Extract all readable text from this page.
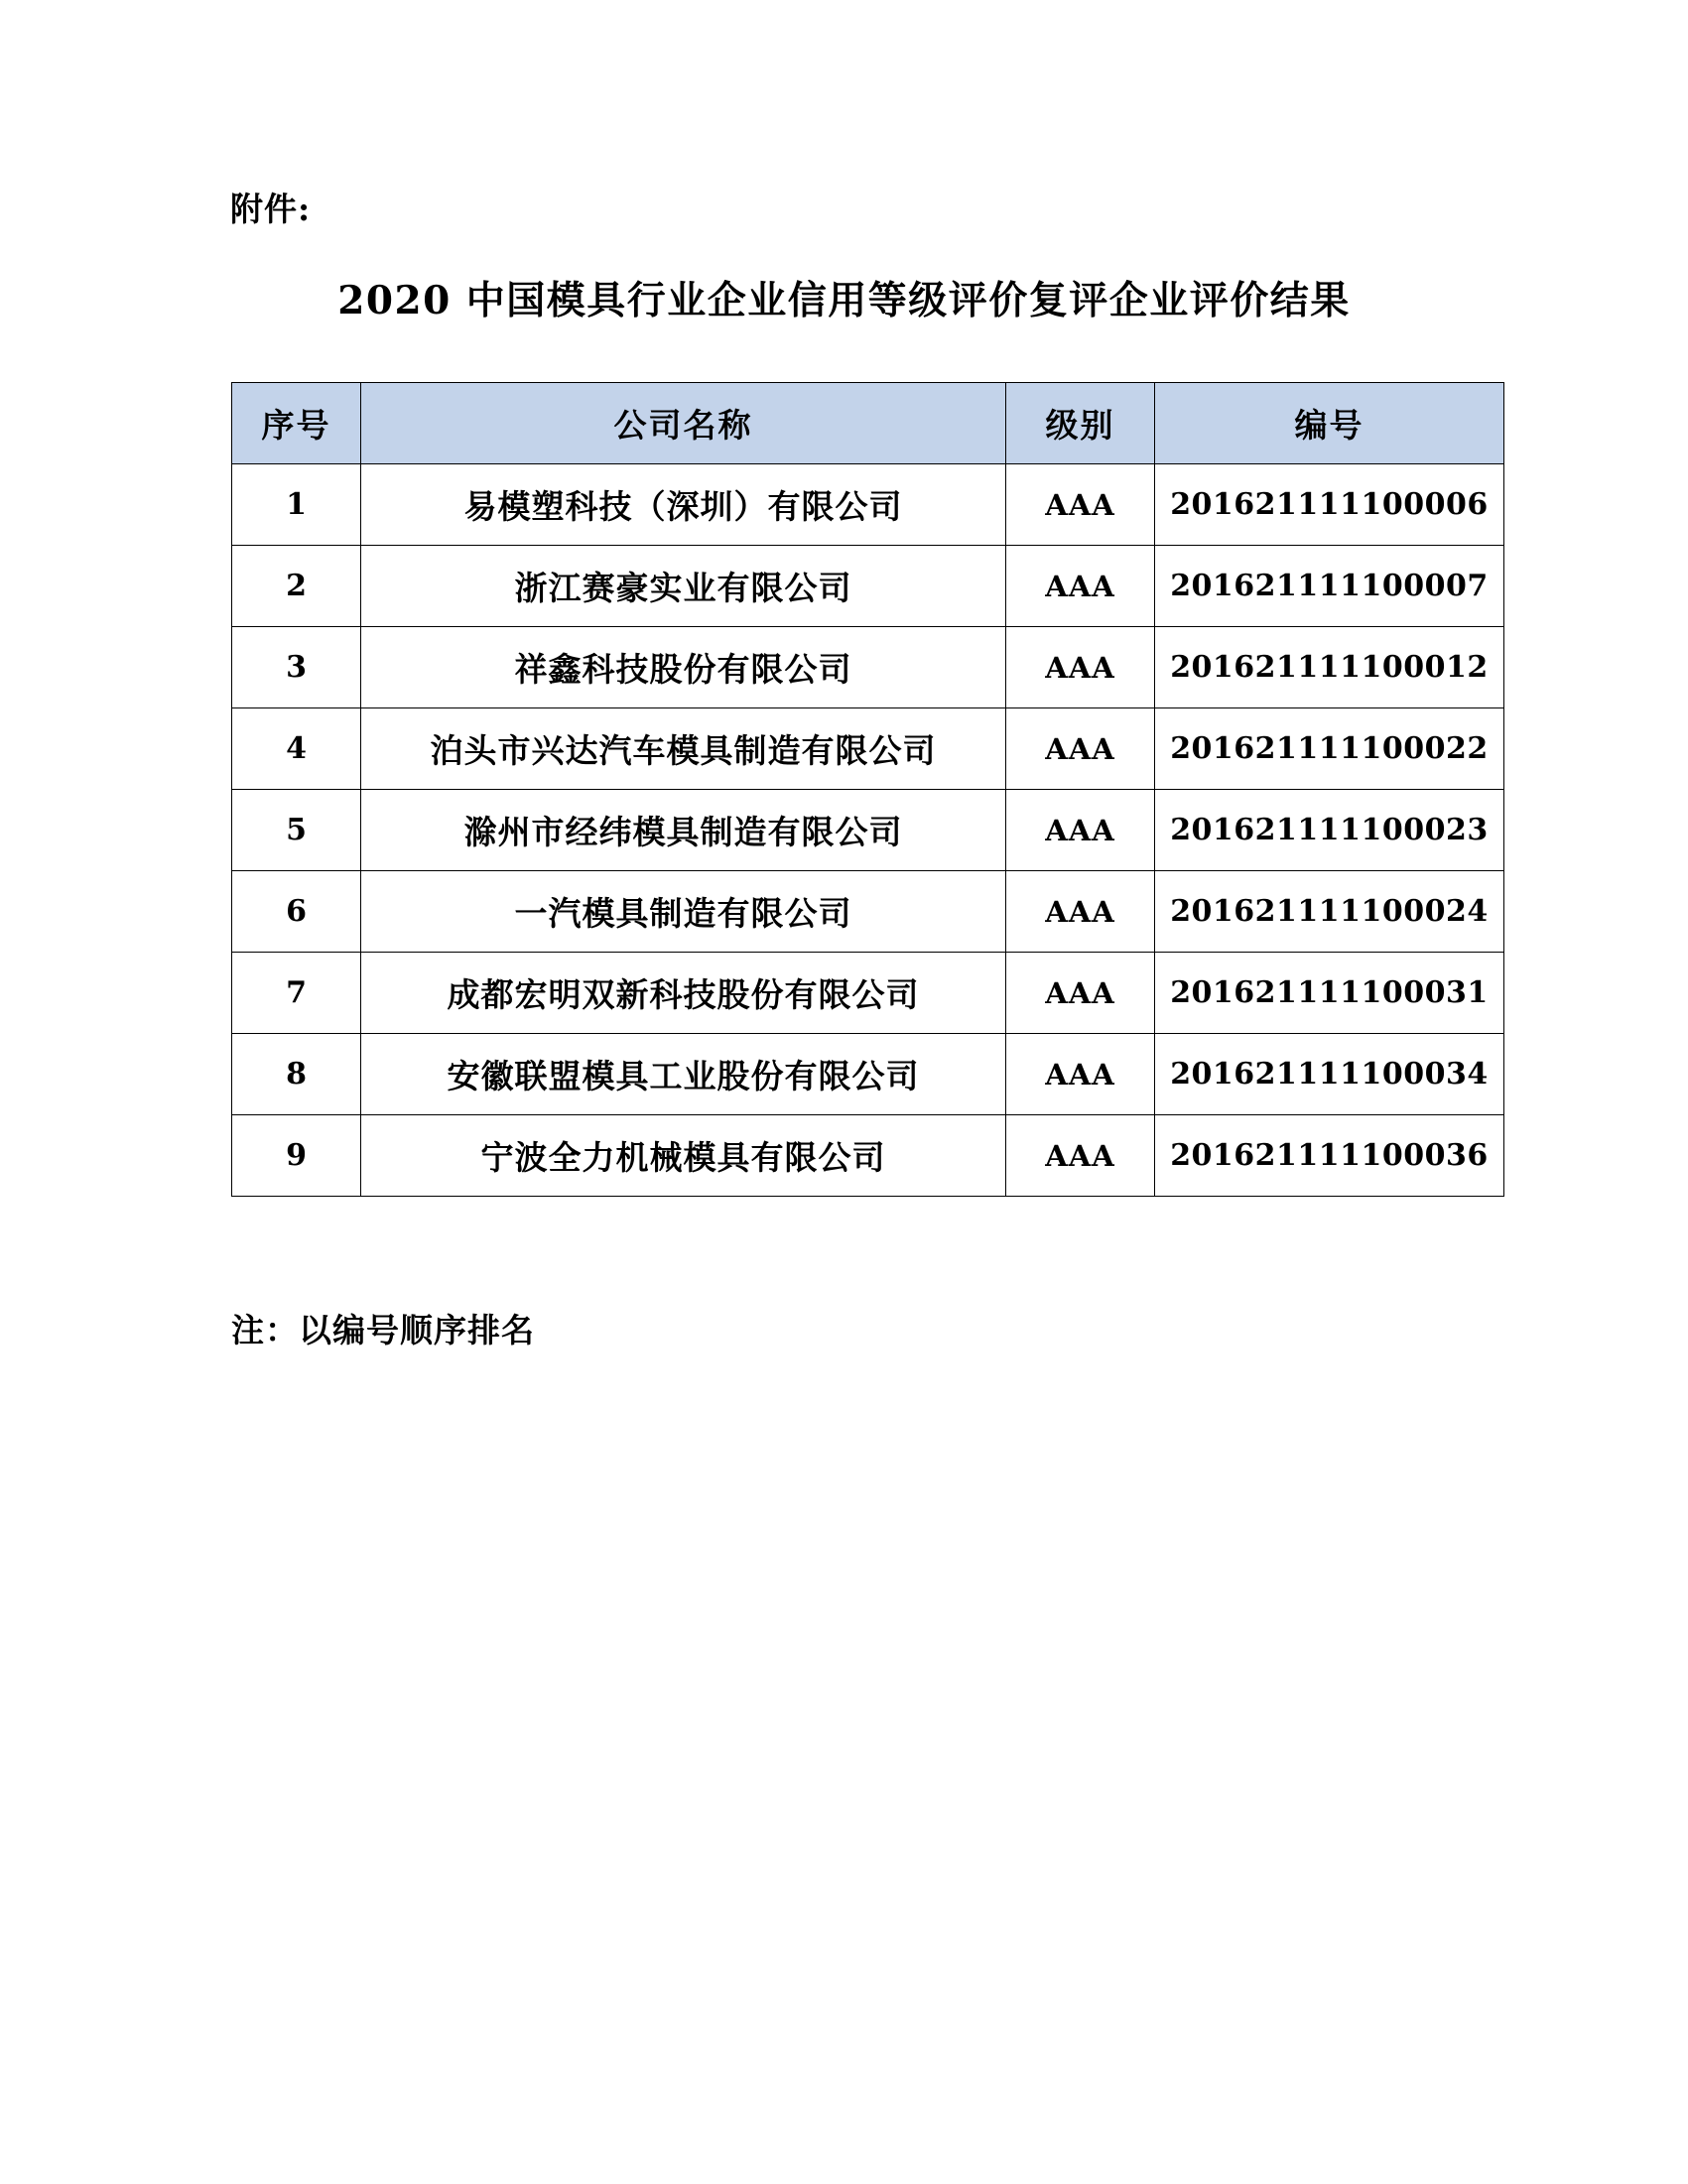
附件:
2020 中国模具行业企业信用等级评价复评企业评价结果
序号	公司名称	级别	编号
1	易模塑科技（深圳）有限公司	AAA	201621111100006
2	浙江赛豪实业有限公司	AAA	201621111100007
3	祥鑫科技股份有限公司	AAA	201621111100012
4	泊头市兴达汽车模具制造有限公司	AAA	201621111100022
5	滁州市经纬模具制造有限公司	AAA	201621111100023
6	一汽模具制造有限公司	AAA	201621111100024
7	成都宏明双新科技股份有限公司	AAA	201621111100031
8	安徽联盟模具工业股份有限公司	AAA	201621111100034
9	宁波全力机械模具有限公司	AAA	201621111100036
注：以编号顺序排名
